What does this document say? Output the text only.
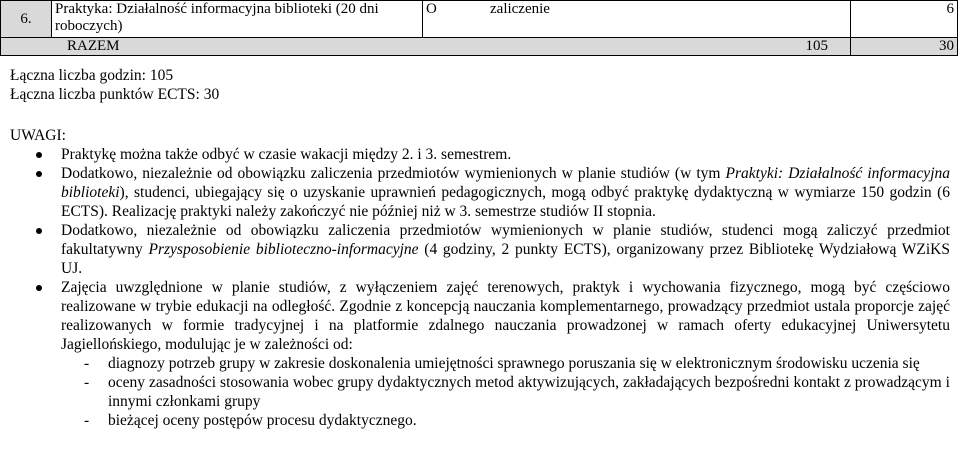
6.	Praktyka: Działalność informacyjna biblioteki (20 dni roboczych)	O	zaliczenie	6
RAZEM			105	30
Łączna liczba godzin: 105
Łączna liczba punktów ECTS: 30
UWAGI:
Praktykę można także odbyć w czasie wakacji między 2. i 3. semestrem.
Dodatkowo, niezależnie od obowiązku zaliczenia przedmiotów wymienionych w planie studiów (w tym Praktyki: Działalność informacyjna biblioteki), studenci, ubiegający się o uzyskanie uprawnień pedagogicznych, mogą odbyć praktykę dydaktyczną w wymiarze 150 godzin (6 ECTS). Realizację praktyki należy zakończyć nie później niż w 3. semestrze studiów II stopnia.
Dodatkowo, niezależnie od obowiązku zaliczenia przedmiotów wymienionych w planie studiów, studenci mogą zaliczyć przedmiot fakultatywny Przysposobienie biblioteczno-informacyjne (4 godziny, 2 punkty ECTS), organizowany przez Bibliotekę Wydziałową WZiKS UJ.
Zajęcia uwzględnione w planie studiów, z wyłączeniem zajęć terenowych, praktyk i wychowania fizycznego, mogą być częściowo realizowane w trybie edukacji na odległość. Zgodnie z koncepcją nauczania komplementarnego, prowadzący przedmiot ustala proporcje zajęć realizowanych w formie tradycyjnej i na platformie zdalnego nauczania prowadzonej w ramach oferty edukacyjnej Uniwersytetu Jagiellońskiego, modulując je w zależności od:
- diagnozy potrzeb grupy w zakresie doskonalenia umiejętności sprawnego poruszania się w elektronicznym środowisku uczenia się
- oceny zasadności stosowania wobec grupy dydaktycznych metod aktywizujących, zakładających bezpośredni kontakt z prowadzącym i innymi członkami grupy
- bieżącej oceny postępów procesu dydaktycznego.
